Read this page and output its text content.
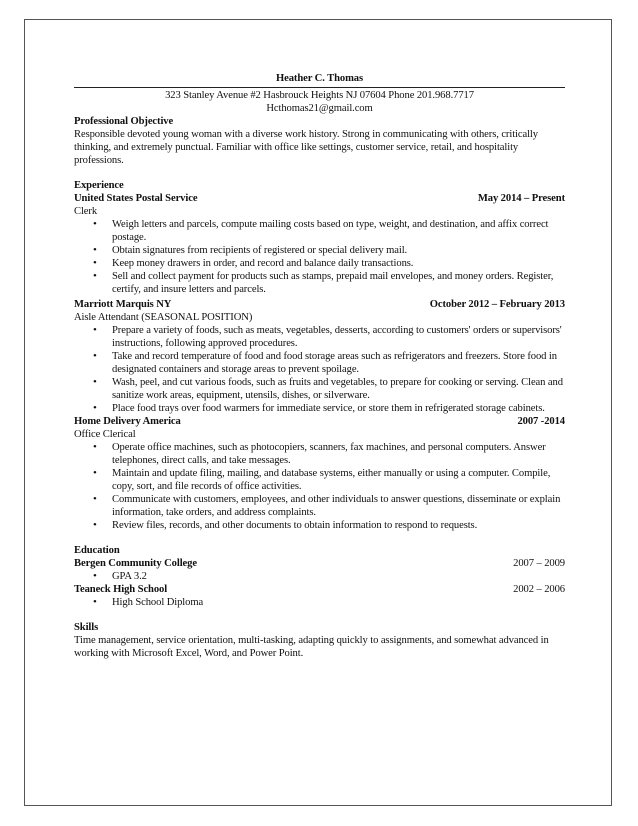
Heather C. Thomas
323 Stanley Avenue #2 Hasbrouck Heights NJ 07604 Phone 201.968.7717
Hcthomas21@gmail.com
Professional Objective

Responsible devoted young woman with a diverse work history. Strong in communicating with others, critically thinking, and extremely punctual. Familiar with office like settings, customer service, retail, and hospitality professions.

Experience
United States Postal Service	May 2014 – Present
Clerk
• Weigh letters and parcels, compute mailing costs based on type, weight, and destination, and affix correct postage.
• Obtain signatures from recipients of registered or special delivery mail.
• Keep money drawers in order, and record and balance daily transactions.
• Sell and collect payment for products such as stamps, prepaid mail envelopes, and money orders. Register, certify, and insure letters and parcels.
Marriott Marquis NY	October 2012 – February 2013
Aisle Attendant (SEASONAL POSITION)
• Prepare a variety of foods, such as meats, vegetables, desserts, according to customers' orders or supervisors' instructions, following approved procedures.
• Take and record temperature of food and food storage areas such as refrigerators and freezers. Store food in designated containers and storage areas to prevent spoilage.
• Wash, peel, and cut various foods, such as fruits and vegetables, to prepare for cooking or serving. Clean and sanitize work areas, equipment, utensils, dishes, or silverware.
• Place food trays over food warmers for immediate service, or store them in refrigerated storage cabinets.
Home Delivery America	2007 -2014
Office Clerical
• Operate office machines, such as photocopiers, scanners, fax machines, and personal computers. Answer telephones, direct calls, and take messages.
• Maintain and update filing, mailing, and database systems, either manually or using a computer. Compile, copy, sort, and file records of office activities.
• Communicate with customers, employees, and other individuals to answer questions, disseminate or explain information, take orders, and address complaints.
• Review files, records, and other documents to obtain information to respond to requests.
Education
Bergen Community College	2007 – 2009
• GPA 3.2
Teaneck High School	2002 – 2006
• High School Diploma
Skills

Time management, service orientation, multi-tasking, adapting quickly to assignments, and somewhat advanced in working with Microsoft Excel, Word, and Power Point.
